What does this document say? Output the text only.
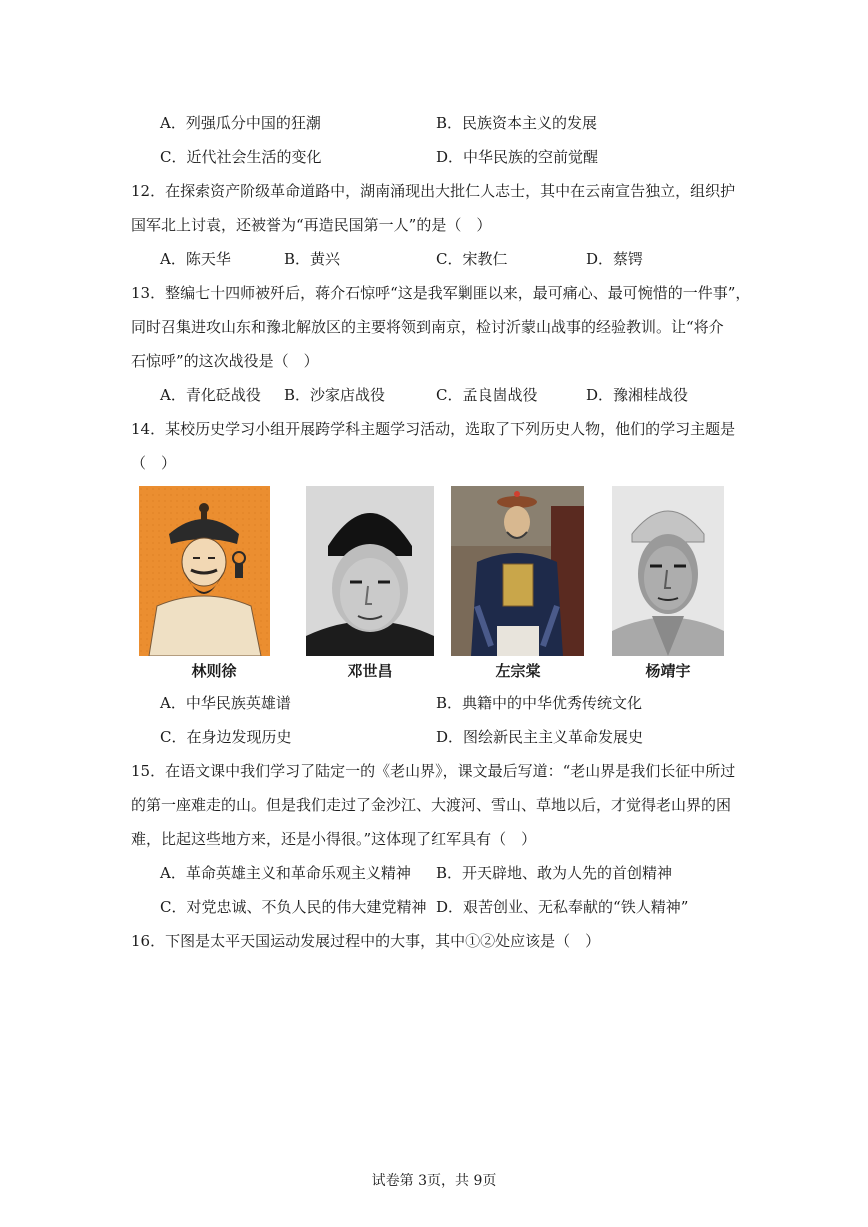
A．列强瓜分中国的狂潮	B．民族资本主义的发展
C．近代社会生活的变化	D．中华民族的空前觉醒
12．在探索资产阶级革命道路中，湖南涌现出大批仁人志士，其中在云南宣告独立，组织护
国军北上讨袁，还被誉为“再造民国第一人”的是（　）
A．陈天华	B．黄兴	C．宋教仁	D．蔡锷
13．整编七十四师被歼后，蒋介石惊呼“这是我军剿匪以来，最可痛心、最可惋惜的一件事”，
同时召集进攻山东和豫北解放区的主要将领到南京，检讨沂蒙山战事的经验教训。让“将介
石惊呼”的这次战役是（　）
A．青化砭战役 B．沙家店战役	C．孟良崮战役	D．豫湘桂战役
14．某校历史学习小组开展跨学科主题学习活动，选取了下列历史人物，他们的学习主题是
（　）
林则徐	邓世昌	左宗棠	杨靖宇
A．中华民族英雄谱	B．典籍中的中华优秀传统文化
C．在身边发现历史	D．图绘新民主主义革命发展史
15．在语文课中我们学习了陆定一的《老山界》，课文最后写道：“老山界是我们长征中所过
的第一座难走的山。但是我们走过了金沙江、大渡河、雪山、草地以后，才觉得老山界的困
难，比起这些地方来，还是小得很。”这体现了红军具有（　）
A．革命英雄主义和革命乐观主义精神 B．开天辟地、敢为人先的首创精神
C．对党忠诚、不负人民的伟大建党精神 D．艰苦创业、无私奉献的“铁人精神”
16．下图是太平天国运动发展过程中的大事，其中①②处应该是（　）
试卷第 3页，共 9页
